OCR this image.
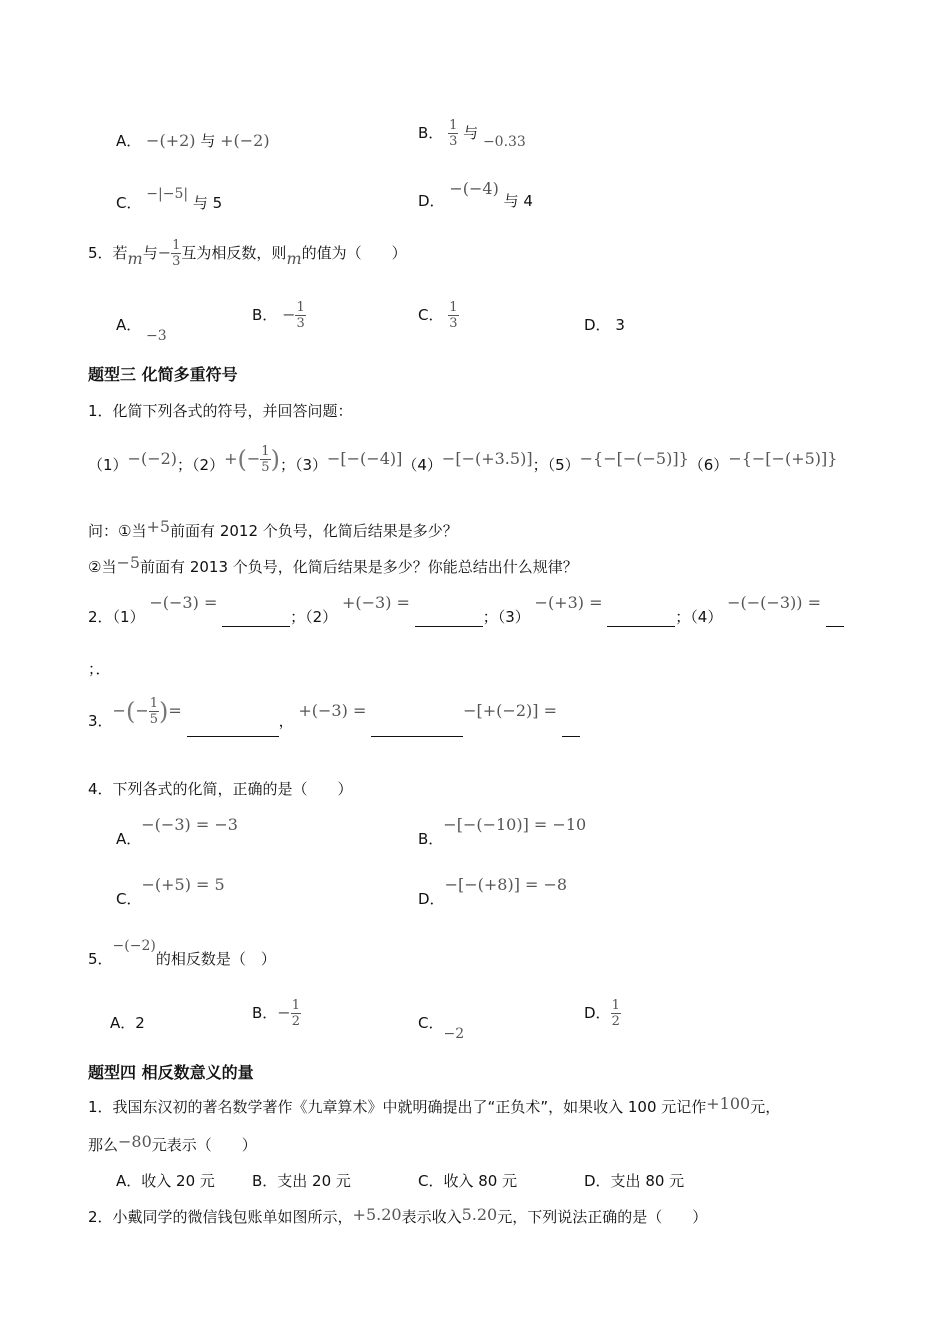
A． −(+2) 与 +(−2)	B． $\frac{1}{3}$ 与 −0.33
C． −|−5| 与 5	D． −(−4) 与 4
5．若m与− $\frac{1}{3}$ 互为相反数，则m的值为（　　）
A． −3
B． − $\frac{1}{3}$	C． $\frac{1}{3}$	D． 3
题型三 化简多重符号
1．化简下列各式的符号，并回答问题：
（1）−(−2)；$(2)+(- \frac{1}{5}$ )；（3）−[−(−4)]（4）−[−(+3.5)]；（5）−{−[−(−5)]}（6）−{−[−(+5)]}
问：①当+5前面有 2012 个负号，化简后结果是多少？
②当−5前面有 2013 个负号，化简后结果是多少？你能总结出什么规律？
2．（1） −(−3) = ；（2） +(−3) = ；（3） −(+3) = ；（4） −(−(−3)) =
；．
3．−(− $\frac{1}{5}$ )= ， +(−3) =	−[+(−2)] =
4．下列各式的化简，正确的是（　　）
A．−(−3) = −3
B．−[−(−10)] = −10
C．−(+5) = 5
D．−[−(+8)] = −8
5．−(−2)的相反数是（　）
A．2
B．− $\frac{1}{2}$	C．−2
D． $\frac{1}{2}$
题型四 相反数意义的量
1．我国东汉初的著名数学著作《九章算术》中就明确提出了“正负术”，如果收入 100 元记作+100元，
那么−80元表示（　　）
A．收入 20 元 B．支出 20 元	C．收入 80 元	D．支出 80 元
2．小戴同学的微信钱包账单如图所示，+5.20表示收入5.20元，下列说法正确的是（　　）
